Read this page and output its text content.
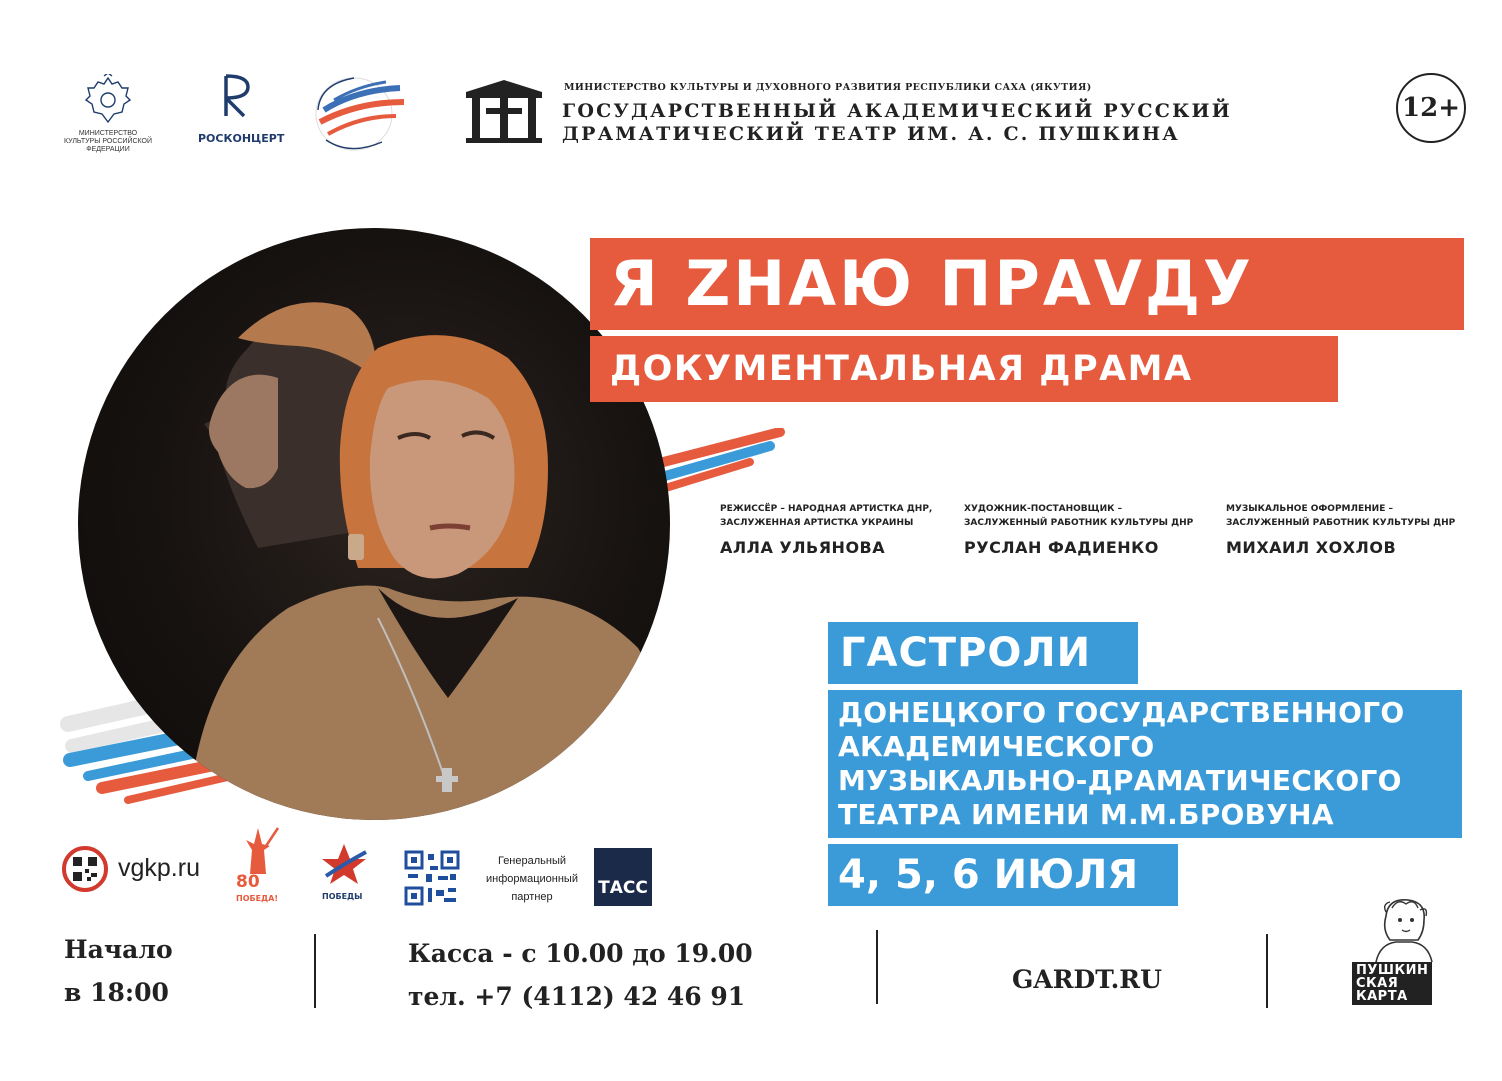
МИНИСТЕРСТВО КУЛЬТУРЫ РОССИЙСКОЙ ФЕДЕРАЦИИ
РОСКОНЦЕРТ
МИНИСТЕРСТВО КУЛЬТУРЫ И ДУХОВНОГО РАЗВИТИЯ РЕСПУБЛИКИ САХА (ЯКУТИЯ)
ГОСУДАРСТВЕННЫЙ АКАДЕМИЧЕСКИЙ РУССКИЙ
ДРАМАТИЧЕСКИЙ ТЕАТР ИМ. А. С. ПУШКИНА
12+
Я ZНАЮ ПРАVДУ
ДОКУМЕНТАЛЬНАЯ ДРАМА
РЕЖИССЁР – НАРОДНАЯ АРТИСТКА ДНР,
ЗАСЛУЖЕННАЯ АРТИСТКА УКРАИНЫ
АЛЛА УЛЬЯНОВА
ХУДОЖНИК-ПОСТАНОВЩИК –
ЗАСЛУЖЕННЫЙ РАБОТНИК КУЛЬТУРЫ ДНР
РУСЛАН ФАДИЕНКО
МУЗЫКАЛЬНОЕ ОФОРМЛЕНИЕ –
ЗАСЛУЖЕННЫЙ РАБОТНИК КУЛЬТУРЫ ДНР
МИХАИЛ ХОХЛОВ
ГАСТРОЛИ
ДОНЕЦКОГО ГОСУДАРСТВЕННОГО
АКАДЕМИЧЕСКОГО
МУЗЫКАЛЬНО-ДРАМАТИЧЕСКОГО
ТЕАТРА ИМЕНИ М.М.БРОВУНА
4, 5, 6 ИЮЛЯ
vgkp.ru 80
ПОБЕДА!	ПОБЕДЫ
Генеральный
информационный
партнер	ТАСС
Начало
в 18:00
Касса - с 10.00 до 19.00
тел. +7 (4112) 42 46 91
GARDT.RU	ПУШКИН
СКАЯ
КАРТА
